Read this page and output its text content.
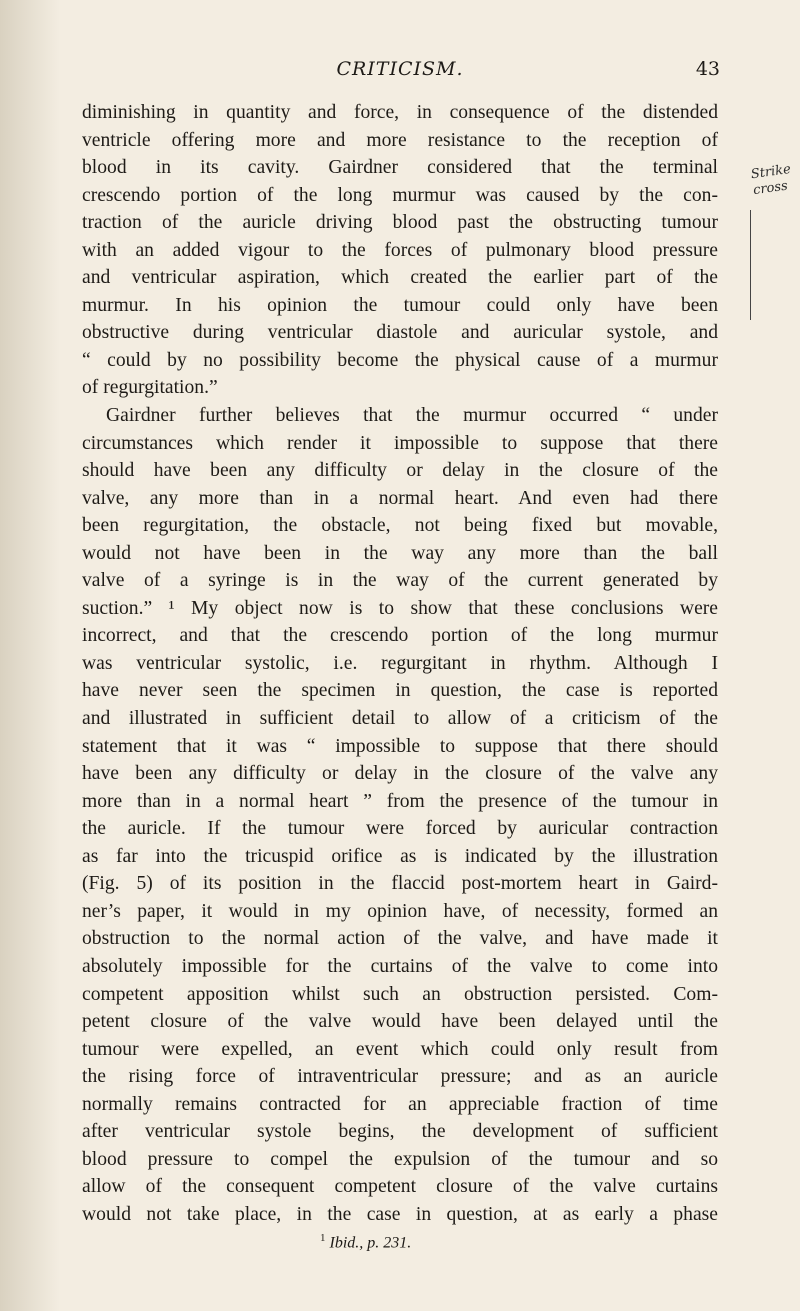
CRITICISM.	43
Strike cross
diminishing in quantity and force, in consequence of the distended
ventricle offering more and more resistance to the reception of
blood in its cavity. Gairdner considered that the terminal
crescendo portion of the long murmur was caused by the con-
traction of the auricle driving blood past the obstructing tumour
with an added vigour to the forces of pulmonary blood pressure
and ventricular aspiration, which created the earlier part of the
murmur. In his opinion the tumour could only have been
obstructive during ventricular diastole and auricular systole, and
“ could by no possibility become the physical cause of a murmur
of regurgitation.”
Gairdner further believes that the murmur occurred “ under
circumstances which render it impossible to suppose that there
should have been any difficulty or delay in the closure of the
valve, any more than in a normal heart. And even had there
been regurgitation, the obstacle, not being fixed but movable,
would not have been in the way any more than the ball
valve of a syringe is in the way of the current generated by
suction.” ¹ My object now is to show that these conclusions were
incorrect, and that the crescendo portion of the long murmur
was ventricular systolic, i.e. regurgitant in rhythm. Although I
have never seen the specimen in question, the case is reported
and illustrated in sufficient detail to allow of a criticism of the
statement that it was “ impossible to suppose that there should
have been any difficulty or delay in the closure of the valve any
more than in a normal heart ” from the presence of the tumour in
the auricle. If the tumour were forced by auricular contraction
as far into the tricuspid orifice as is indicated by the illustration
(Fig. 5) of its position in the flaccid post-mortem heart in Gaird-
ner’s paper, it would in my opinion have, of necessity, formed an
obstruction to the normal action of the valve, and have made it
absolutely impossible for the curtains of the valve to come into
competent apposition whilst such an obstruction persisted. Com-
petent closure of the valve would have been delayed until the
tumour were expelled, an event which could only result from
the rising force of intraventricular pressure; and as an auricle
normally remains contracted for an appreciable fraction of time
after ventricular systole begins, the development of sufficient
blood pressure to compel the expulsion of the tumour and so
allow of the consequent competent closure of the valve curtains
would not take place, in the case in question, at as early a phase
$^1$ Ibid., p. 231.
